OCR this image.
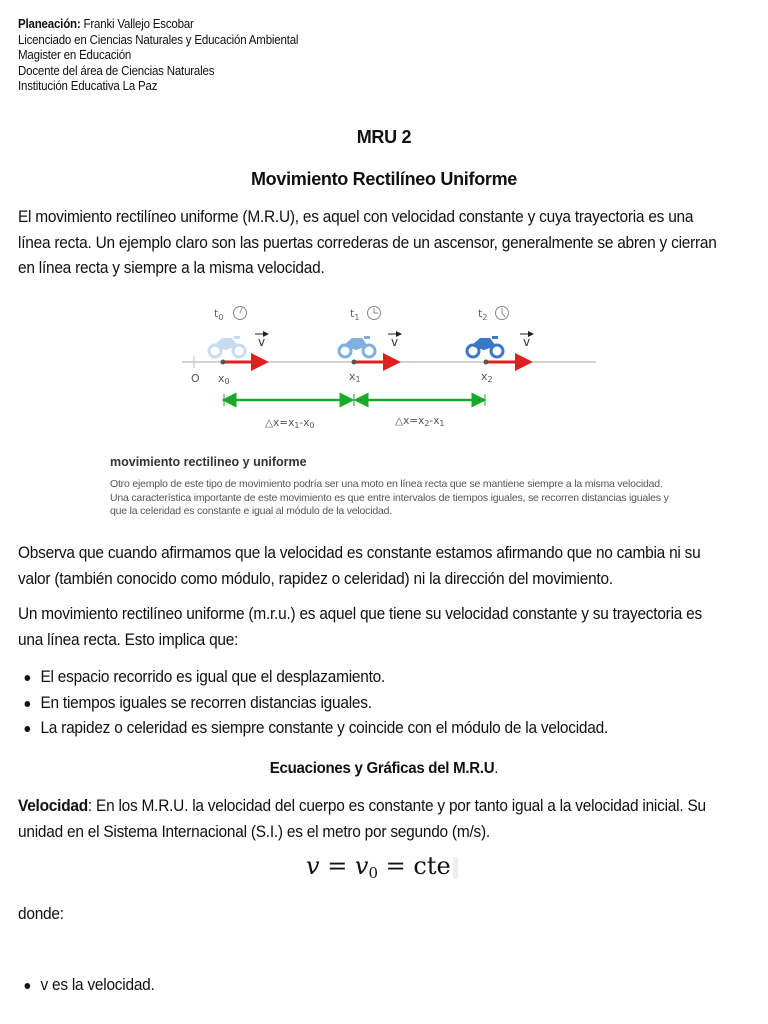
Planeación: Franki Vallejo Escobar
Licenciado en Ciencias Naturales y Educación Ambiental
Magister en Educación
Docente del área de Ciencias Naturales
Institución Educativa La Paz
MRU 2
Movimiento Rectilíneo Uniforme
El movimiento rectilíneo uniforme (M.R.U), es aquel con velocidad constante y cuya trayectoria es una línea recta. Un ejemplo claro son las puertas correderas de un ascensor, generalmente se abren y cierran en línea recta y siempre a la misma velocidad.
$t_0$	$t_1$	$t_2$
v	v	v
O x0	x1	x2
△x=x1-x0	△x=x2-x1
movimiento rectilineo y uniforme
Otro ejemplo de este tipo de movimiento podría ser una moto en línea recta que se mantiene siempre a la misma velocidad. Una característica importante de este movimiento es que entre intervalos de tiempos iguales, se recorren distancias iguales y que la celeridad es constante e igual al módulo de la velocidad.
Observa que cuando afirmamos que la velocidad es constante estamos afirmando que no cambia ni su valor (también conocido como módulo, rapidez o celeridad) ni la dirección del movimiento.
Un movimiento rectilíneo uniforme (m.r.u.) es aquel que tiene su velocidad constante y su trayectoria es una línea recta. Esto implica que:
El espacio recorrido es igual que el desplazamiento.
En tiempos iguales se recorren distancias iguales.
La rapidez o celeridad es siempre constante y coincide con el módulo de la velocidad.
Ecuaciones y Gráficas del M.R.U.
Velocidad: En los M.R.U. la velocidad del cuerpo es constante y por tanto igual a la velocidad inicial. Su unidad en el Sistema Internacional (S.I.) es el metro por segundo (m/s).
v = v0 = cte
donde:
v es la velocidad.
